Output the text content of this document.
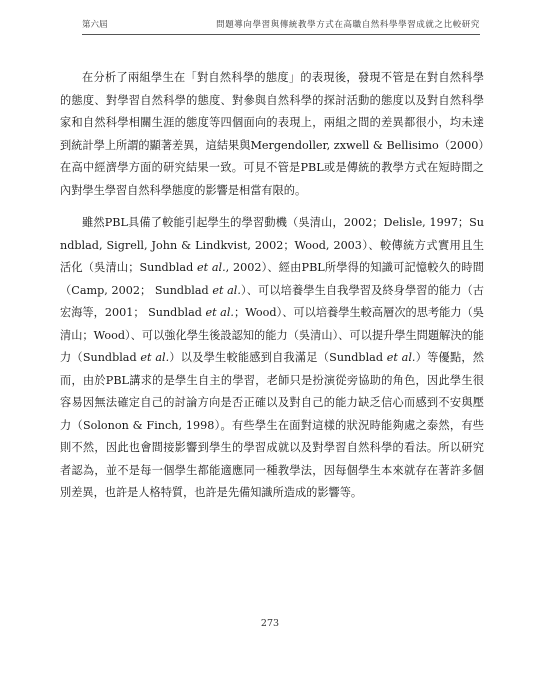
第六屆	問題導向學習與傳統教學方式在高職自然科學學習成就之比較研究

在分析了兩組學生在「對自然科學的態度」的表現後，發現不管是在對自然科學的態度、對學習自然科學的態度、對參與自然科學的探討活動的態度以及對自然科學家和自然科學相關生涯的態度等四個面向的表現上，兩組之間的差異都很小，均未達到統計學上所謂的顯著差異，這結果與Mergendoller, zxwell & Bellisimo（2000）在高中經濟學方面的研究結果一致。可見不管是PBL或是傳統的教學方式在短時間之內對學生學習自然科學態度的影響是相當有限的。

雖然PBL具備了較能引起學生的學習動機（吳清山，2002；Delisle, 1997；Sundblad, Sigrell, John & Lindkvist, 2002；Wood, 2003）、較傳統方式實用且生活化（吳清山；Sundblad et al., 2002）、經由PBL所學得的知識可記憶較久的時間（Camp, 2002； Sundblad et al.）、可以培養學生自我學習及終身學習的能力（古宏海等，2001； Sundblad et al.；Wood）、可以培養學生較高層次的思考能力（吳清山；Wood）、可以強化學生後設認知的能力（吳清山）、可以提升學生問題解決的能力（Sundblad et al.）以及學生較能感到自我滿足（Sundblad et al.）等優點，然而，由於PBL講求的是學生自主的學習，老師只是扮演從旁協助的角色，因此學生很容易因無法確定自己的討論方向是否正確以及對自己的能力缺乏信心而感到不安與壓力（Solonon & Finch, 1998）。有些學生在面對這樣的狀況時能夠處之泰然，有些則不然，因此也會間接影響到學生的學習成就以及對學習自然科學的看法。所以研究者認為，並不是每一個學生都能適應同一種教學法，因每個學生本來就存在著許多個別差異，也許是人格特質，也許是先備知識所造成的影響等。

273
